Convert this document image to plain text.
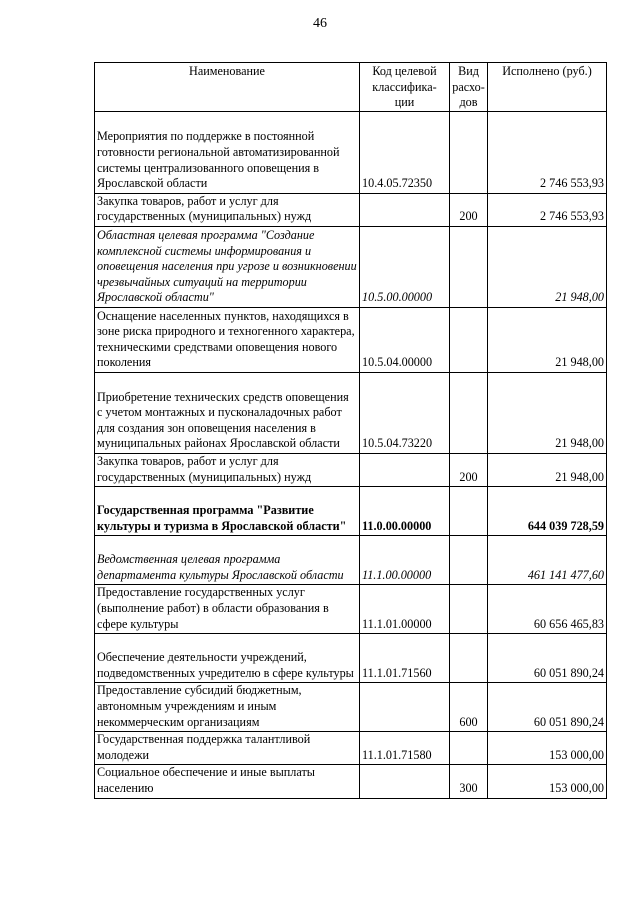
46
Наименование	Код целевой классифика- ции	Вид расхо- дов	Исполнено (руб.)
Мероприятия по поддержке в постоянной готовности региональной автоматизированной системы централизованного оповещения в Ярославской области	10.4.05.72350		2 746 553,93
Закупка товаров, работ и услуг для государственных (муниципальных) нужд		200	2 746 553,93
Областная целевая программа "Создание комплексной системы информирования и оповещения населения при угрозе и возникновении чрезвычайных ситуаций на территории Ярославской области"	10.5.00.00000		21 948,00
Оснащение населенных пунктов, находящихся в зоне риска природного и техногенного характера, техническими средствами оповещения нового поколения	10.5.04.00000		21 948,00
Приобретение технических средств оповещения с учетом монтажных и пусконаладочных работ для создания зон оповещения населения в муниципальных районах Ярославской области	10.5.04.73220		21 948,00
Закупка товаров, работ и услуг для государственных (муниципальных) нужд		200	21 948,00
Государственная программа "Развитие культуры и туризма в Ярославской области"	11.0.00.00000		644 039 728,59
Ведомственная целевая программа департамента культуры Ярославской области	11.1.00.00000		461 141 477,60
Предоставление государственных услуг (выполнение работ) в области образования в сфере культуры	11.1.01.00000		60 656 465,83
Обеспечение деятельности учреждений, подведомственных учредителю в сфере культуры	11.1.01.71560		60 051 890,24
Предоставление субсидий бюджетным, автономным учреждениям и иным некоммерческим организациям		600	60 051 890,24
Государственная поддержка талантливой молодежи	11.1.01.71580		153 000,00
Социальное обеспечение и иные выплаты населению		300	153 000,00
